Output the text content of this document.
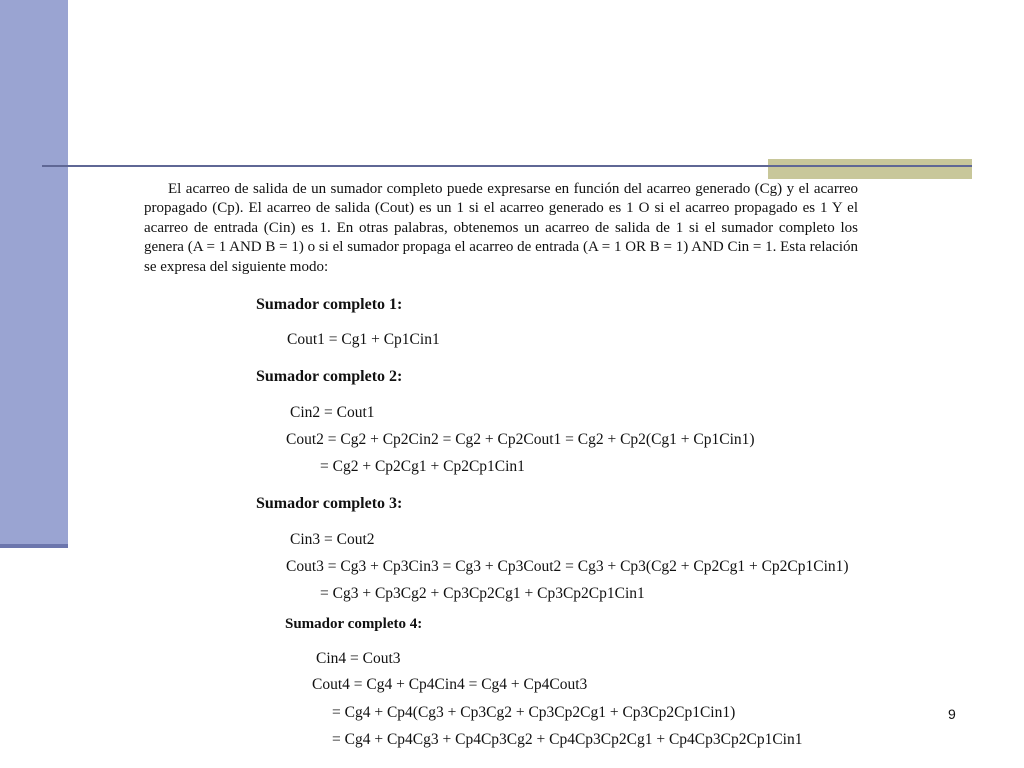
El acarreo de salida de un sumador completo puede expresarse en función del acarreo generado (Cg) y el acarreo propagado (Cp). El acarreo de salida (Cout) es un 1 si el acarreo generado es 1 O si el acarreo propagado es 1 Y el acarreo de entrada (Cin) es 1. En otras palabras, obtenemos un acarreo de salida de 1 si el sumador completo los genera (A = 1 AND B = 1) o si el sumador propaga el acarreo de entrada (A = 1 OR B = 1) AND Cin = 1. Esta relación se expresa del siguiente modo:
Sumador completo 1:
Cout1 = Cg1 + Cp1Cin1
Sumador completo 2:
Cin2 = Cout1
Cout2 = Cg2 + Cp2Cin2 = Cg2 + Cp2Cout1 = Cg2 + Cp2(Cg1 + Cp1Cin1)
= Cg2 + Cp2Cg1 + Cp2Cp1Cin1
Sumador completo 3:
Cin3 = Cout2
Cout3 = Cg3 + Cp3Cin3 = Cg3 + Cp3Cout2 = Cg3 + Cp3(Cg2 + Cp2Cg1 + Cp2Cp1Cin1)
= Cg3 + Cp3Cg2 + Cp3Cp2Cg1 + Cp3Cp2Cp1Cin1
Sumador completo 4:
Cin4 = Cout3
Cout4 = Cg4 + Cp4Cin4 = Cg4 + Cp4Cout3
= Cg4 + Cp4(Cg3 + Cp3Cg2 + Cp3Cp2Cg1 + Cp3Cp2Cp1Cin1)
= Cg4 + Cp4Cg3 + Cp4Cp3Cg2 + Cp4Cp3Cp2Cg1 + Cp4Cp3Cp2Cp1Cin1
9
